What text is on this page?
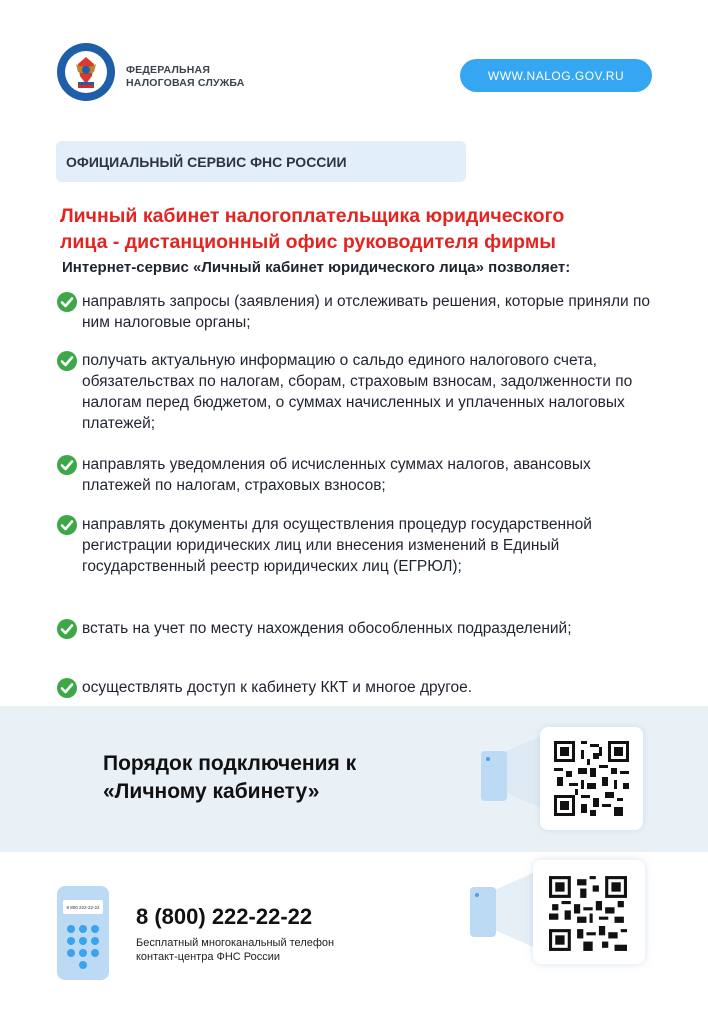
ФЕДЕРАЛЬНАЯ
НАЛОГОВАЯ СЛУЖБА
WWW.NALOG.GOV.RU
ОФИЦИАЛЬНЫЙ СЕРВИС ФНС РОССИИ
Личный кабинет налогоплательщика юридического
лица - дистанционный офис руководителя фирмы
Интернет-сервис «Личный кабинет юридического лица» позволяет:
направлять запросы (заявления) и отслеживать решения, которые приняли по ним налоговые органы;
получать актуальную информацию о сальдо единого налогового счета, обязательствах по налогам, сборам, страховым взносам, задолженности по налогам перед бюджетом, о суммах начисленных и уплаченных налоговых платежей;
направлять уведомления об исчисленных суммах налогов, авансовых платежей по налогам, страховых взносов;
направлять документы для осуществления процедур государственной регистрации юридических лиц или внесения изменений в Единый государственный реестр юридических лиц (ЕГРЮЛ);
встать на учет по месту нахождения обособленных подразделений;
осуществлять доступ к кабинету ККТ и многое другое.
Порядок подключения к
«Личному кабинету»
8 800 222-22-22 8 (800) 222-22-22
Бесплатный многоканальный телефон
контакт-центра ФНС России
